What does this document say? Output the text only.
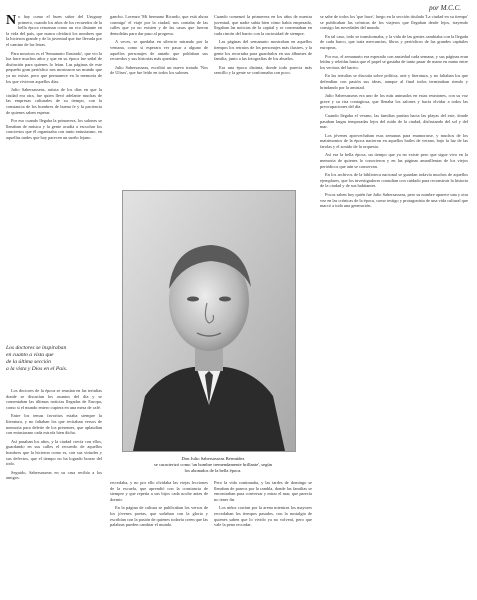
por M.C.C.
N o hay como el buen sabor del Uruguay primero, cuando los años de los recuerdos de la bella época resuenan como un eco distante en la vida del país, que nunca olvidará los nombres que la hicieron grande y de la juventud que fue llevada por el camino de las letras.

Para nosotros es el 'Semanario Ilustrado', que vio la luz hace muchos años y que en su época fue señal de distinción para quienes lo leían. Las páginas de este pequeño gran periódico nos mostraron un mundo que ya no existe, pero que permanece en la memoria de los que vivieron aquellos días.

Julio Sabersasseas, artista de los días en que la ciudad era otra, fue quien llevó adelante muchas de las empresas culturales de su tiempo, con la constancia de los hombres de buena fe y la paciencia de quienes saben esperar.

Por eso cuando llegaba la primavera, los salones se llenaban de música y la gente acudía a escuchar los conciertos que él organizaba con tanto entusiasmo, en aquellas tardes que hoy parecen un sueño lejano.

Los doctores se inspiraban
en cuanto a vista que
de la última sección
a la vista y Dios en el País.

Los doctores de la época se reunían en las tertulias donde se discutían los asuntos del día y se comentaban las últimas noticias llegadas de Europa, como si el mundo entero cupiera en una mesa de café.

Entre los temas favoritos estaba siempre la literatura, y no faltaban los que recitaban versos de memoria para deleite de los presentes, que aplaudían con entusiasmo cada estrofa bien dicha.

Así pasaban los años, y la ciudad crecía con ellos, guardando en sus calles el recuerdo de aquellos hombres que la hicieron como es, con sus virtudes y sus defectos, que el tiempo no ha logrado borrar del todo.

Seguido, Sabersasseas en su casa recibía a los amigos.

gancho. Lorenzo 'Mi hermano Ricardo, que está ahora conmigo' el viaje por la ciudad, nos contaba de las calles que ya no existen y de las casas que fueron demolidas para dar paso al progreso.

A veces, se quedaba en silencio mirando por la ventana, como si esperara ver pasar a alguno de aquellos personajes de antaño que poblaban sus recuerdos y sus historias más queridas.

Julio Sabersasseas, escribió un nuevo tratado 'Nos de Ulises', que fue leído en todos los salones.

Cuando comenzó la primavera en los años de nuestra juventud, que nadie sabía bien cómo había empezado, llegaban las noticias de la capital y se comentaban en cada rincón del barrio con la curiosidad de siempre.

Las páginas del semanario mostraban en aquellos tiempos los retratos de los personajes más ilustres, y la gente los recortaba para guardarlos en sus álbumes de familia, junto a las fotografías de los abuelos.

Era una época distinta, donde todo parecía más sencillo y la gente se conformaba con poco.

Don Julio Sabersasseas Bermúdez
se caracterizó como 'un hombre tremendamente brillante', según
los abonados de la bella época.

recordaba, y no por ello olvidaba las viejas lecciones de la escuela, que aprendió con la constancia de siempre y que repetía a sus hijos cada noche antes de dormir.

En la página de cultura se publicaban los versos de los jóvenes poetas, que soñaban con la gloria y escribían con la pasión de quienes todavía creen que las palabras pueden cambiar el mundo.

Pero la vida continuaba, y las tardes de domingo se llenaban de paseos por la rambla, donde las familias se encontraban para conversar y mirar el mar, que parecía no tener fin.

Los niños corrían por la arena mientras los mayores recordaban los tiempos pasados, con la nostalgia de quienes saben que lo vivido ya no volverá, pero que vale la pena recordar.

se sabe de todos los 'que hace', luego en la sección titulada 'La ciudad en su tiempo' se publicaban las crónicas de los viajeros que llegaban desde lejos, trayendo consigo las novedades del mundo.

En tal caso, todo se transformaba, y la vida de las gentes cambiaba con la llegada de cada barco, que traía mercancías, libros y periódicos de las grandes capitales europeas.

Por eso, el semanario era esperado con ansiedad cada semana, y sus páginas eran leídas y releídas hasta que el papel se gastaba de tanto pasar de mano en mano entre los vecinos del barrio.

En las tertulias se discutía sobre política, arte y literatura, y no faltaban los que defendían con pasión sus ideas, aunque al final todos terminaban riendo y brindando por la amistad.

Julio Sabersasseas era uno de los más animados en estas reuniones, con su voz grave y su risa contagiosa, que llenaba los salones y hacía olvidar a todos las preocupaciones del día.

Cuando llegaba el verano, las familias partían hacia las playas del este, donde pasaban largas temporadas lejos del ruido de la ciudad, disfrutando del sol y del mar.

Los jóvenes aprovechaban esas semanas para enamorarse, y muchos de los matrimonios de la época nacieron en aquellos bailes de verano, bajo la luz de las farolas y el sonido de la orquesta.

Así era la bella época, un tiempo que ya no existe pero que sigue vivo en la memoria de quienes lo conocieron y en las páginas amarillentas de los viejos periódicos que aún se conservan.

En los archivos de la biblioteca nacional se guardan todavía muchos de aquellos ejemplares, que los investigadores consultan con cuidado para reconstruir la historia de la ciudad y de sus habitantes.

Pocos saben hoy quién fue Julio Sabersasseas, pero su nombre aparece una y otra vez en las crónicas de la época, como testigo y protagonista de una vida cultural que marcó a toda una generación.
